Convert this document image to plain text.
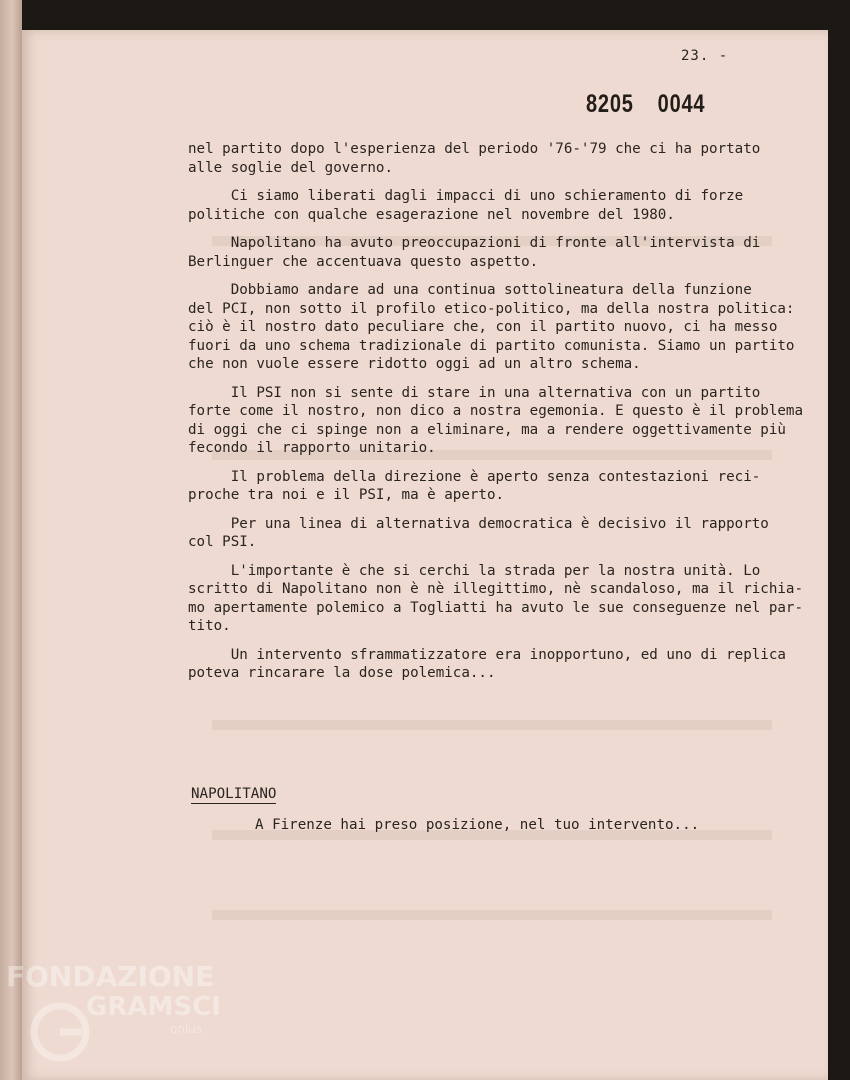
23. -
8205 0044

nel partito dopo l'esperienza del periodo '76-'79 che ci ha portato
alle soglie del governo.

Ci siamo liberati dagli impacci di uno schieramento di forze
politiche con qualche esagerazione nel novembre del 1980.

Napolitano ha avuto preoccupazioni di fronte all'intervista di
Berlinguer che accentuava questo aspetto.

Dobbiamo andare ad una continua sottolineatura della funzione
del PCI, non sotto il profilo etico-politico, ma della nostra politica:
ciò è il nostro dato peculiare che, con il partito nuovo, ci ha messo
fuori da uno schema tradizionale di partito comunista. Siamo un partito
che non vuole essere ridotto oggi ad un altro schema.

Il PSI non si sente di stare in una alternativa con un partito
forte come il nostro, non dico a nostra egemonia. E questo è il
di oggi che ci spinge non a eliminare, ma a rendere oggettivamente
fecondo il rapporto unitario.

Il problema della direzione è aperto senza contestazioni reci-
proche tra noi e il PSI, ma è aperto.

Per una linea di alternativa democratica è decisivo il rapporto
col PSI.

L'importante è che si cerchi la strada per la nostra unità. Lo
scritto di Napolitano non è nè illegittimo, nè scandaloso, ma il
mo apertamente polemico a Togliatti ha avuto le sue conseguenze nel
tito.

Un intervento sframmatizzatore era inopportuno, ed uno di replica
poteva rincarare la dose polemica...

NAPOLITANO
A Firenze hai preso posizione, nel tuo intervento...
FONDAZIONE
GRAMSCI
onlus
